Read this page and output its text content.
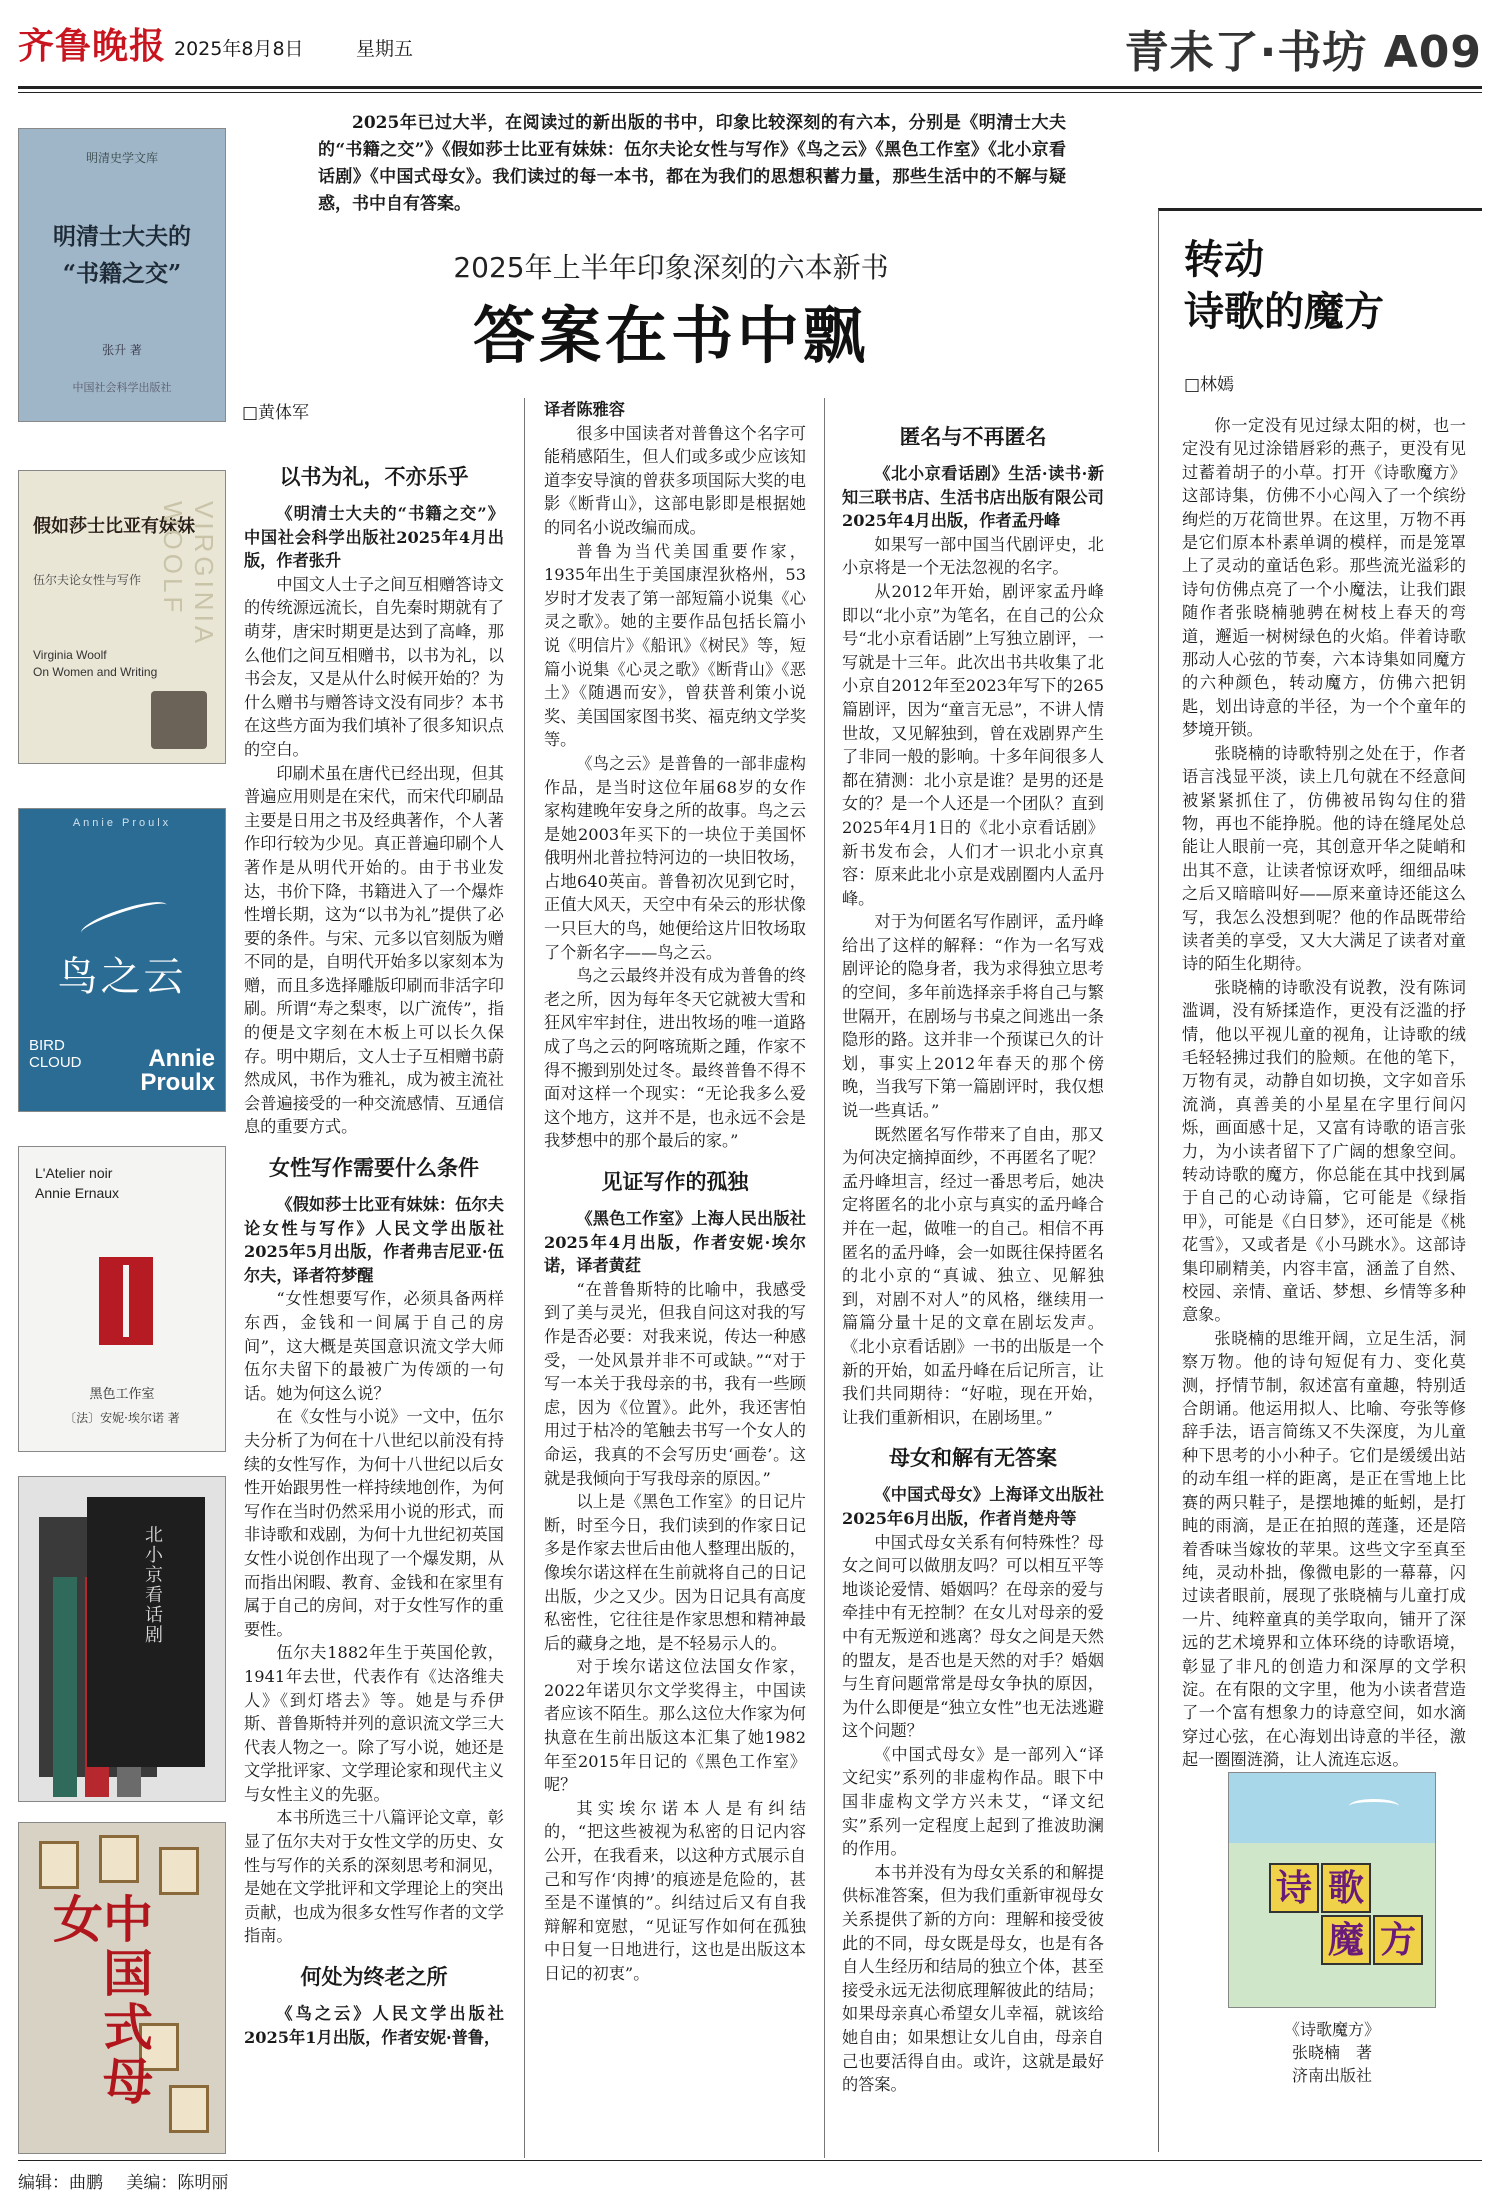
齐鲁晚报 2025年8月8日	星期五	青未了·书坊 A09
明清史学文库
明清士大夫的
“书籍之交”
张升 著
中国社会科学出版社
假如莎士比亚有妹妹
伍尔夫论女性与写作	VIRGINIA WOOLF
Virginia Woolf
On Women and Writing
Annie Proulx
鸟之云
BIRD
CLOUD	Annie
Proulx
L'Atelier noir
Annie Ernaux
黑色工作室
〔法〕安妮·埃尔诺 著
北小京看话剧
中国式母女
2025年已过大半，在阅读过的新出版的书中，印象比较深刻的有六本，分别是《明清士大夫的“书籍之交”》《假如莎士比亚有妹妹：伍尔夫论女性与写作》《鸟之云》《黑色工作室》《北小京看话剧》《中国式母女》。我们读过的每一本书，都在为我们的思想积蓄力量，那些生活中的不解与疑惑，书中自有答案。
2025年上半年印象深刻的六本新书
答案在书中飘
□黄体军
以书为礼，不亦乐乎

《明清士大夫的“书籍之交”》中国社会科学出版社2025年4月出版，作者张升

中国文人士子之间互相赠答诗文的传统源远流长，自先秦时期就有了萌芽，唐宋时期更是达到了高峰，那么他们之间互相赠书，以书为礼，以书会友，又是从什么时候开始的？为什么赠书与赠答诗文没有同步？本书在这些方面为我们填补了很多知识点的空白。

印刷术虽在唐代已经出现，但其普遍应用则是在宋代，而宋代印刷品主要是日用之书及经典著作，个人著作印行较为少见。真正普遍印刷个人著作是从明代开始的。由于书业发达，书价下降，书籍进入了一个爆炸性增长期，这为“以书为礼”提供了必要的条件。与宋、元多以官刻版为赠不同的是，自明代开始多以家刻本为赠，而且多选择雕版印刷而非活字印刷。所谓“寿之梨枣，以广流传”，指的便是文字刻在木板上可以长久保存。明中期后，文人士子互相赠书蔚然成风，书作为雅礼，成为被主流社会普遍接受的一种交流感情、互通信息的重要方式。

女性写作需要什么条件

《假如莎士比亚有妹妹：伍尔夫论女性与写作》人民文学出版社2025年5月出版，作者弗吉尼亚·伍尔夫，译者符梦醒

“女性想要写作，必须具备两样东西，金钱和一间属于自己的房间”，这大概是英国意识流文学大师伍尔夫留下的最被广为传颂的一句话。她为何这么说？

在《女性与小说》一文中，伍尔夫分析了为何在十八世纪以前没有持续的女性写作，为何十八世纪以后女性开始跟男性一样持续地创作，为何写作在当时仍然采用小说的形式，而非诗歌和戏剧，为何十九世纪初英国女性小说创作出现了一个爆发期，从而指出闲暇、教育、金钱和在家里有属于自己的房间，对于女性写作的重要性。

伍尔夫1882年生于英国伦敦，1941年去世，代表作有《达洛维夫人》《到灯塔去》等。她是与乔伊斯、普鲁斯特并列的意识流文学三大代表人物之一。除了写小说，她还是文学批评家、文学理论家和现代主义与女性主义的先驱。

本书所选三十八篇评论文章，彰显了伍尔夫对于女性文学的历史、女性与写作的关系的深刻思考和洞见，是她在文学批评和文学理论上的突出贡献，也成为很多女性写作者的文学指南。

何处为终老之所

《鸟之云》人民文学出版社2025年1月出版，作者安妮·普鲁，

译者陈雅容

很多中国读者对普鲁这个名字可能稍感陌生，但人们或多或少应该知道李安导演的曾获多项国际大奖的电影《断背山》，这部电影即是根据她的同名小说改编而成。

普鲁为当代美国重要作家，1935年出生于美国康涅狄格州，53岁时才发表了第一部短篇小说集《心灵之歌》。她的主要作品包括长篇小说《明信片》《船讯》《树民》等，短篇小说集《心灵之歌》《断背山》《恶土》《随遇而安》，曾获普利策小说奖、美国国家图书奖、福克纳文学奖等。

《鸟之云》是普鲁的一部非虚构作品，是当时这位年届68岁的女作家构建晚年安身之所的故事。鸟之云是她2003年买下的一块位于美国怀俄明州北普拉特河边的一块旧牧场，占地640英亩。普鲁初次见到它时，正值大风天，天空中有朵云的形状像一只巨大的鸟，她便给这片旧牧场取了个新名字——鸟之云。

鸟之云最终并没有成为普鲁的终老之所，因为每年冬天它就被大雪和狂风牢牢封住，进出牧场的唯一道路成了鸟之云的阿喀琉斯之踵，作家不得不搬到别处过冬。最终普鲁不得不面对这样一个现实：“无论我多么爱这个地方，这并不是，也永远不会是我梦想中的那个最后的家。”

见证写作的孤独

《黑色工作室》上海人民出版社2025年4月出版，作者安妮·埃尔诺，译者黄荭

“在普鲁斯特的比喻中，我感受到了美与灵光，但我自问这对我的写作是否必要：对我来说，传达一种感受，一处风景并非不可或缺。”“对于写一本关于我母亲的书，我有一些顾虑，因为《位置》。此外，我还害怕用过于枯冷的笔触去书写一个女人的命运，我真的不会写历史‘画卷’。这就是我倾向于写我母亲的原因。”

以上是《黑色工作室》的日记片断，时至今日，我们读到的作家日记多是作家去世后由他人整理出版的，像埃尔诺这样在生前就将自己的日记出版，少之又少。因为日记具有高度私密性，它往往是作家思想和精神最后的藏身之地，是不轻易示人的。

对于埃尔诺这位法国女作家，2022年诺贝尔文学奖得主，中国读者应该不陌生。那么这位大作家为何执意在生前出版这本汇集了她1982年至2015年日记的《黑色工作室》呢？

其实埃尔诺本人是有纠结的，“把这些被视为私密的日记内容公开，在我看来，以这种方式展示自己和写作‘肉搏’的痕迹是危险的，甚至是不谨慎的”。纠结过后又有自我辩解和宽慰，“见证写作如何在孤独中日复一日地进行，这也是出版这本日记的初衷”。

匿名与不再匿名

《北小京看话剧》生活·读书·新知三联书店、生活书店出版有限公司2025年4月出版，作者孟丹峰

如果写一部中国当代剧评史，北小京将是一个无法忽视的名字。

从2012年开始，剧评家孟丹峰即以“北小京”为笔名，在自己的公众号“北小京看话剧”上写独立剧评，一写就是十三年。此次出书共收集了北小京自2012年至2023年写下的265篇剧评，因为“童言无忌”，不讲人情世故，又见解独到，曾在戏剧界产生了非同一般的影响。十多年间很多人都在猜测：北小京是谁？是男的还是女的？是一个人还是一个团队？直到2025年4月1日的《北小京看话剧》新书发布会，人们才一识北小京真容：原来此北小京是戏剧圈内人孟丹峰。

对于为何匿名写作剧评，孟丹峰给出了这样的解释：“作为一名写戏剧评论的隐身者，我为求得独立思考的空间，多年前选择亲手将自己与繁世隔开，在剧场与书桌之间逃出一条隐形的路。这并非一个预谋已久的计划，事实上2012年春天的那个傍晚，当我写下第一篇剧评时，我仅想说一些真话。”

既然匿名写作带来了自由，那又为何决定摘掉面纱，不再匿名了呢？孟丹峰坦言，经过一番思考后，她决定将匿名的北小京与真实的孟丹峰合并在一起，做唯一的自己。相信不再匿名的孟丹峰，会一如既往保持匿名的北小京的“真诚、独立、见解独到，对剧不对人”的风格，继续用一篇篇分量十足的文章在剧坛发声。《北小京看话剧》一书的出版是一个新的开始，如孟丹峰在后记所言，让我们共同期待：“好啦，现在开始，让我们重新相识，在剧场里。”

母女和解有无答案

《中国式母女》上海译文出版社2025年6月出版，作者肖楚舟等

中国式母女关系有何特殊性？母女之间可以做朋友吗？可以相互平等地谈论爱情、婚姻吗？在母亲的爱与牵挂中有无控制？在女儿对母亲的爱中有无叛逆和逃离？母女之间是天然的盟友，是否也是天然的对手？婚姻与生育问题常常是母女争执的原因，为什么即便是“独立女性”也无法逃避这个问题？

《中国式母女》是一部列入“译文纪实”系列的非虚构作品。眼下中国非虚构文学方兴未艾，“译文纪实”系列一定程度上起到了推波助澜的作用。

本书并没有为母女关系的和解提供标准答案，但为我们重新审视母女关系提供了新的方向：理解和接受彼此的不同，母女既是母女，也是有各自人生经历和结局的独立个体，甚至接受永远无法彻底理解彼此的结局；如果母亲真心希望女儿幸福，就该给她自由；如果想让女儿自由，母亲自己也要活得自由。或许，这就是最好的答案。

转动
诗歌的魔方
□林嫣

你一定没有见过绿太阳的树，也一定没有见过涂错唇彩的燕子，更没有见过蓄着胡子的小草。打开《诗歌魔方》这部诗集，仿佛不小心闯入了一个缤纷绚烂的万花筒世界。在这里，万物不再是它们原本朴素单调的模样，而是笼罩上了灵动的童话色彩。那些流光溢彩的诗句仿佛点亮了一个小魔法，让我们跟随作者张晓楠驰骋在树枝上春天的弯道，邂逅一树树绿色的火焰。伴着诗歌那动人心弦的节奏，六本诗集如同魔方的六种颜色，转动魔方，仿佛六把钥匙，划出诗意的半径，为一个个童年的梦境开锁。

张晓楠的诗歌特别之处在于，作者语言浅显平淡，读上几句就在不经意间被紧紧抓住了，仿佛被吊钩勾住的猎物，再也不能挣脱。他的诗在缝尾处总能让人眼前一亮，其创意开华之陡峭和出其不意，让读者惊讶欢呼，细细品味之后又暗暗叫好——原来童诗还能这么写，我怎么没想到呢？他的作品既带给读者美的享受，又大大满足了读者对童诗的陌生化期待。

张晓楠的诗歌没有说教，没有陈词滥调，没有矫揉造作，更没有泛滥的抒情，他以平视儿童的视角，让诗歌的绒毛轻轻拂过我们的脸颊。在他的笔下，万物有灵，动静自如切换，文字如音乐流淌，真善美的小星星在字里行间闪烁，画面感十足，又富有诗歌的语言张力，为小读者留下了广阔的想象空间。转动诗歌的魔方，你总能在其中找到属于自己的心动诗篇，它可能是《绿指甲》，可能是《白日梦》，还可能是《桃花雪》，又或者是《小马跳水》。这部诗集印刷精美，内容丰富，涵盖了自然、校园、亲情、童话、梦想、乡情等多种意象。

张晓楠的思维开阔，立足生活，洞察万物。他的诗句短促有力、变化莫测，抒情节制，叙述富有童趣，特别适合朗诵。他运用拟人、比喻、夸张等修辞手法，语言简练又不失深度，为儿童种下思考的小小种子。它们是缓缓出站的动车组一样的距离，是正在雪地上比赛的两只鞋子，是摆地摊的蚯蚓，是打盹的雨滴，是正在拍照的莲蓬，还是陪着香味当嫁妆的苹果。这些文字至真至纯，灵动朴拙，像微电影的一幕幕，闪过读者眼前，展现了张晓楠与儿童打成一片、纯粹童真的美学取向，铺开了深远的艺术境界和立体环绕的诗歌语境，彰显了非凡的创造力和深厚的文学积淀。在有限的文字里，他为小读者营造了一个富有想象力的诗意空间，如水滴穿过心弦，在心海划出诗意的半径，激起一圈圈涟漪，让人流连忘返。

诗 歌
魔 方
《诗歌魔方》
张晓楠　著
济南出版社
编辑：曲鹏 美编：陈明丽
